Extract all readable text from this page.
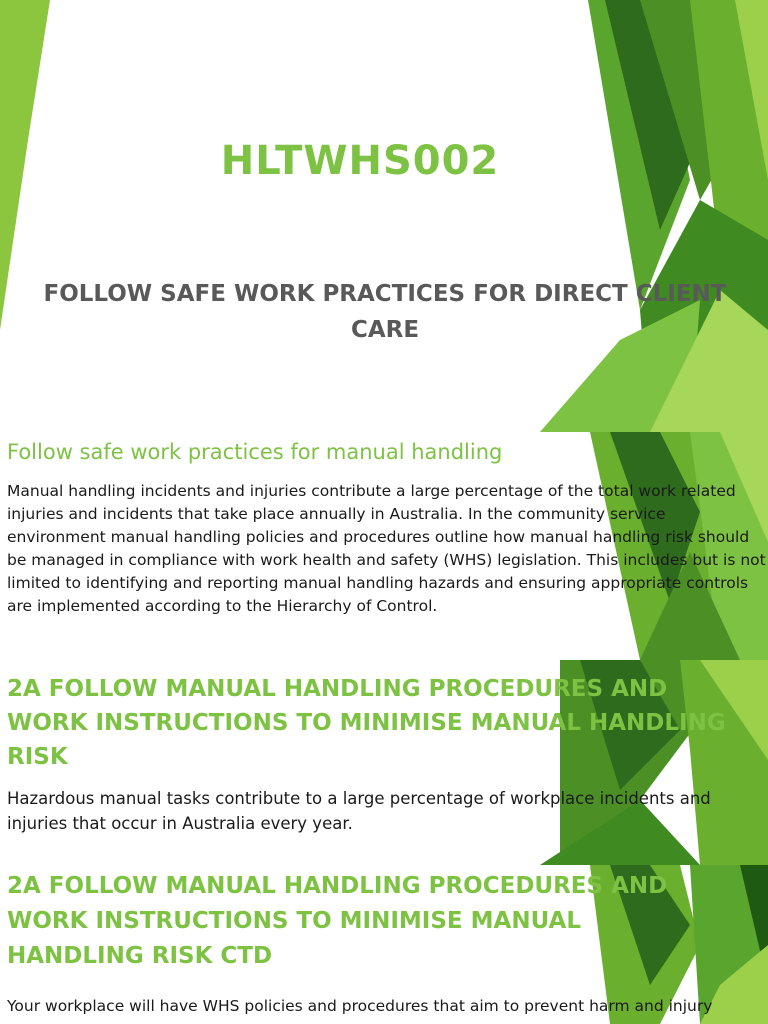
HLTWHS002
FOLLOW SAFE WORK PRACTICES FOR DIRECT CLIENT CARE
Follow safe work practices for manual handling
Manual handling incidents and injuries contribute a large percentage of the total work related injuries and incidents that take place annually in Australia. In the community service environment manual handling policies and procedures outline how manual handling risk should be managed in compliance with work health and safety (WHS) legislation. This includes but is not limited to identifying and reporting manual handling hazards and ensuring appropriate controls are implemented according to the Hierarchy of Control.
2A FOLLOW MANUAL HANDLING PROCEDURES AND WORK INSTRUCTIONS TO MINIMISE MANUAL HANDLING RISK
Hazardous manual tasks contribute to a large percentage of workplace incidents and injuries that occur in Australia every year.
2A FOLLOW MANUAL HANDLING PROCEDURES AND WORK INSTRUCTIONS TO MINIMISE MANUAL HANDLING RISK CTD
Your workplace will have WHS policies and procedures that aim to prevent harm and injury
